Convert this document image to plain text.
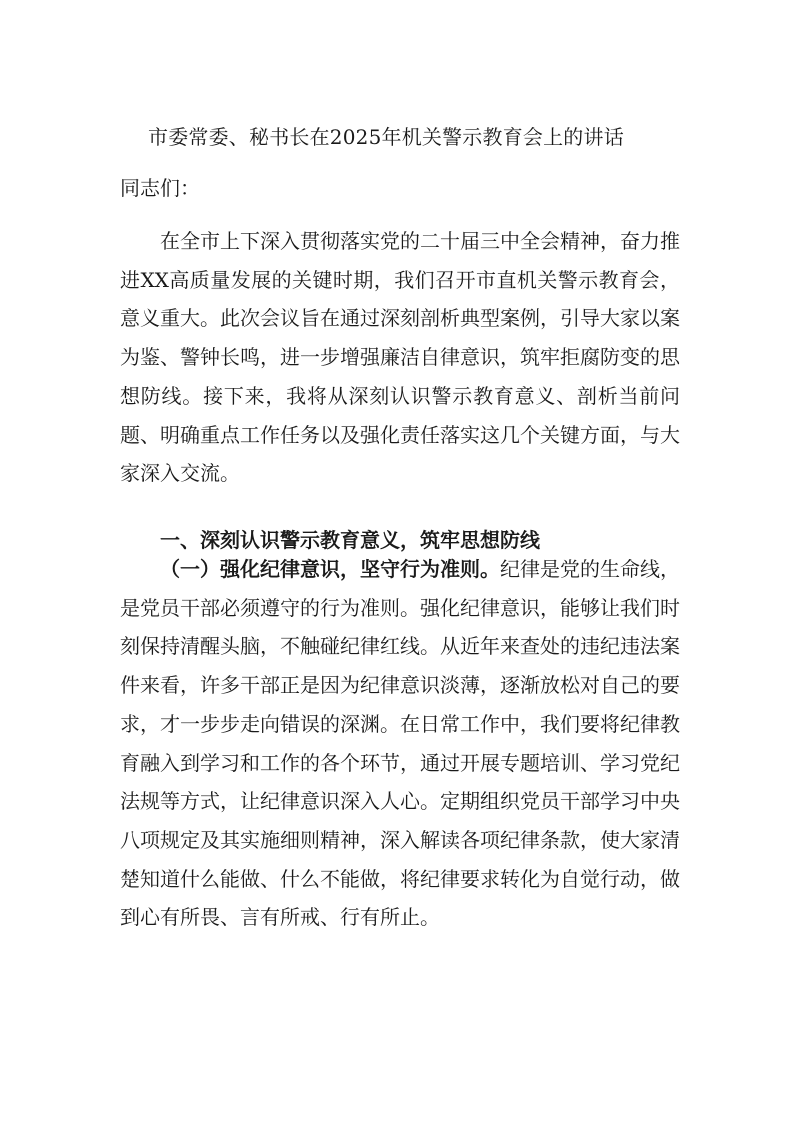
市委常委、秘书长在2025年机关警示教育会上的讲话
同志们：

在全市上下深入贯彻落实党的二十届三中全会精神，奋力推进XX高质量发展的关键时期，我们召开市直机关警示教育会，意义重大。此次会议旨在通过深刻剖析典型案例，引导大家以案为鉴、警钟长鸣，进一步增强廉洁自律意识，筑牢拒腐防变的思想防线。接下来，我将从深刻认识警示教育意义、剖析当前问题、明确重点工作任务以及强化责任落实这几个关键方面，与大家深入交流。

一、深刻认识警示教育意义，筑牢思想防线

（一）强化纪律意识，坚守行为准则。纪律是党的生命线，是党员干部必须遵守的行为准则。强化纪律意识，能够让我们时刻保持清醒头脑，不触碰纪律红线。从近年来查处的违纪违法案件来看，许多干部正是因为纪律意识淡薄，逐渐放松对自己的要求，才一步步走向错误的深渊。在日常工作中，我们要将纪律教育融入到学习和工作的各个环节，通过开展专题培训、学习党纪法规等方式，让纪律意识深入人心。定期组织党员干部学习中央八项规定及其实施细则精神，深入解读各项纪律条款，使大家清楚知道什么能做、什么不能做，将纪律要求转化为自觉行动，做到心有所畏、言有所戒、行有所止。
